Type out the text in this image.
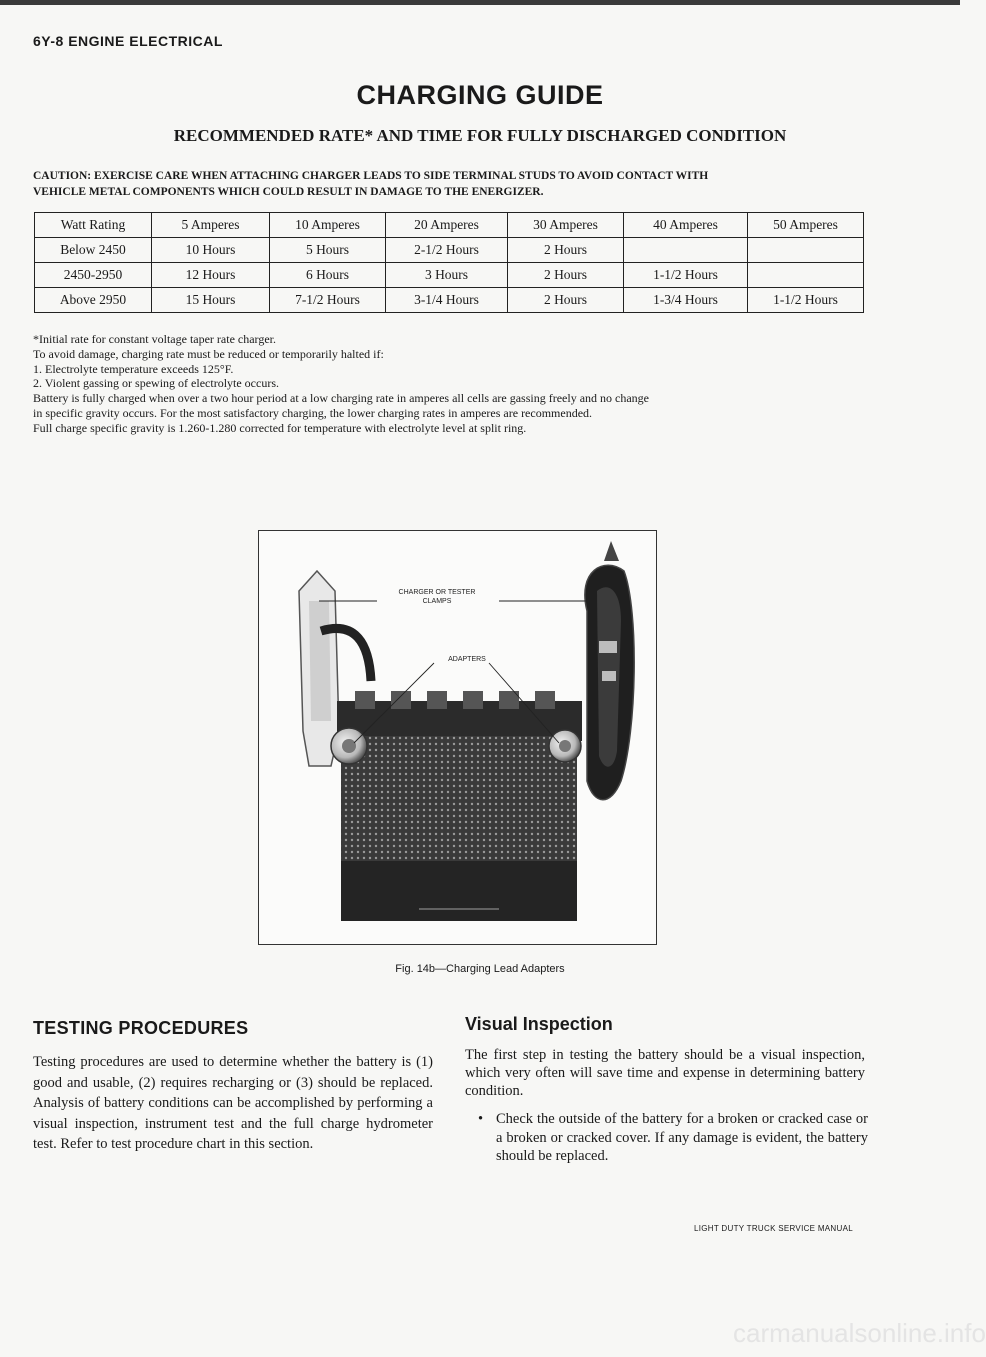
6Y-8 ENGINE ELECTRICAL
CHARGING GUIDE
RECOMMENDED RATE* AND TIME FOR FULLY DISCHARGED CONDITION
CAUTION: EXERCISE CARE WHEN ATTACHING CHARGER LEADS TO SIDE TERMINAL STUDS TO AVOID CONTACT WITH
VEHICLE METAL COMPONENTS WHICH COULD RESULT IN DAMAGE TO THE ENERGIZER.
Watt Rating	5 Amperes	10 Amperes	20 Amperes	30 Amperes	40 Amperes	50 Amperes
Below 2450	10 Hours	5 Hours	2-1/2 Hours	2 Hours		
2450-2950	12 Hours	6 Hours	3 Hours	2 Hours	1-1/2 Hours	
Above 2950	15 Hours	7-1/2 Hours	3-1/4 Hours	2 Hours	1-3/4 Hours	1-1/2 Hours
*Initial rate for constant voltage taper rate charger.
To avoid damage, charging rate must be reduced or temporarily halted if:
1. Electrolyte temperature exceeds 125°F.
2. Violent gassing or spewing of electrolyte occurs.
Battery is fully charged when over a two hour period at a low charging rate in amperes all cells are gassing freely and no change
in specific gravity occurs. For the most satisfactory charging, the lower charging rates in amperes are recommended.
Full charge specific gravity is 1.260-1.280 corrected for temperature with electrolyte level at split ring.
CHARGER OR TESTER
CLAMPS
ADAPTERS
Fig. 14b—Charging Lead Adapters
TESTING PROCEDURES
Testing procedures are used to determine whether the battery is (1) good and usable, (2) requires recharging or (3) should be replaced. Analysis of battery conditions can be accomplished by performing a visual inspection, instrument test and the full charge hydrometer test. Refer to test procedure chart in this section.
Visual Inspection
The first step in testing the battery should be a visual inspection, which very often will save time and expense in determining battery condition.
• Check the outside of the battery for a broken or cracked case or a broken or cracked cover. If any damage is evident, the battery should be replaced.
LIGHT DUTY TRUCK SERVICE MANUAL
carmanualsonline.info
